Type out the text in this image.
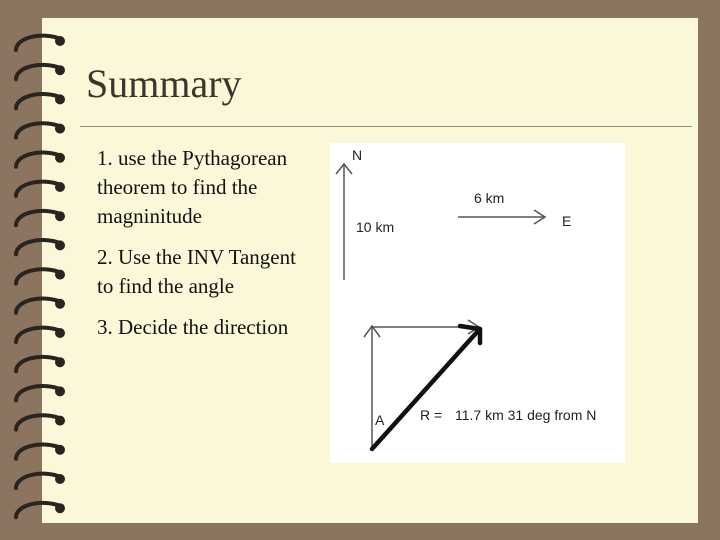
Summary
1. use the Pythagorean theorem to find the magninitude
2. Use the INV Tangent to find the angle
3. Decide the direction
N
10 km
6 km
E
A	R = 11.7 km 31 deg from N
